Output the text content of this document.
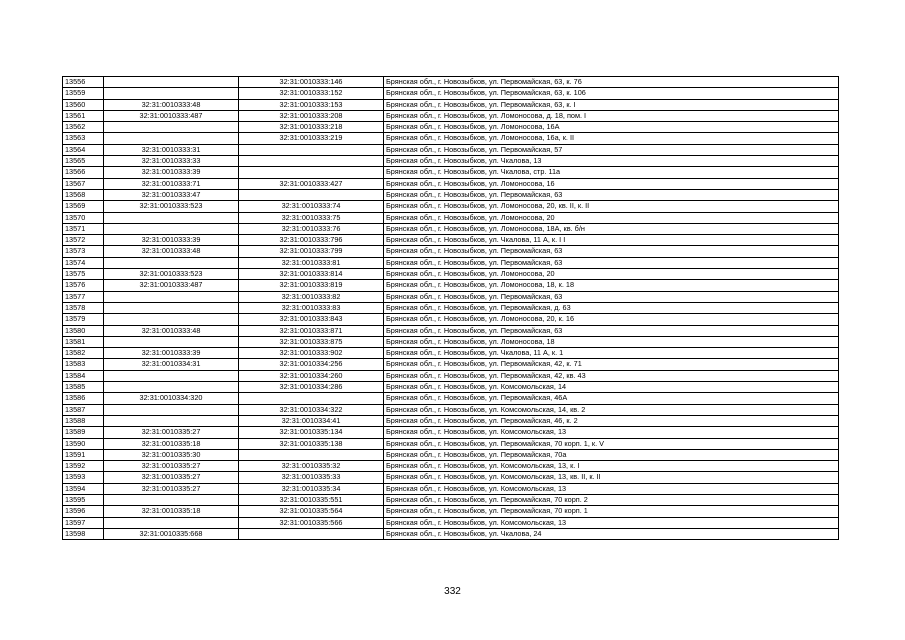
13556		32:31:0010333:146	Брянская обл., г. Новозыбков, ул. Первомайская, 63, к. 76
13559		32:31:0010333:152	Брянская обл., г. Новозыбков, ул. Первомайская, 63, к. 106
13560	32:31:0010333:48	32:31:0010333:153	Брянская обл., г. Новозыбков, ул. Первомайская, 63, к. I
13561	32:31:0010333:487	32:31:0010333:208	Брянская обл., г. Новозыбков, ул. Ломоносова, д. 18, пом. I
13562		32:31:0010333:218	Брянская обл., г. Новозыбков, ул. Ломоносова, 16А
13563		32:31:0010333:219	Брянская обл., г. Новозыбков, ул. Ломоносова, 16а, к. II
13564	32:31:0010333:31		Брянская обл., г. Новозыбков, ул. Первомайская, 57
13565	32:31:0010333:33		Брянская обл., г. Новозыбков, ул. Чкалова, 13
13566	32:31:0010333:39		Брянская обл., г. Новозыбков, ул. Чкалова, стр. 11а
13567	32:31:0010333:71	32:31:0010333:427	Брянская обл., г. Новозыбков, ул. Ломоносова, 16
13568	32:31:0010333:47		Брянская обл., г. Новозыбков, ул. Первомайская, 63
13569	32:31:0010333:523	32:31:0010333:74	Брянская обл., г. Новозыбков, ул. Ломоносова, 20, кв. II, к. II
13570		32:31:0010333:75	Брянская обл., г. Новозыбков, ул. Ломоносова, 20
13571		32:31:0010333:76	Брянская обл., г. Новозыбков, ул. Ломоносова, 18А, кв. б/н
13572	32:31:0010333:39	32:31:0010333:796	Брянская обл., г. Новозыбков, ул. Чкалова, 11 А, к. I I
13573	32:31:0010333:48	32:31:0010333:799	Брянская обл., г. Новозыбков, ул. Первомайская, 63
13574		32:31:0010333:81	Брянская обл., г. Новозыбков, ул. Первомайская, 63
13575	32:31:0010333:523	32:31:0010333:814	Брянская обл., г. Новозыбков, ул. Ломоносова, 20
13576	32:31:0010333:487	32:31:0010333:819	Брянская обл., г. Новозыбков, ул. Ломоносова, 18, к. 18
13577		32:31:0010333:82	Брянская обл., г. Новозыбков, ул. Первомайская, 63
13578		32:31:0010333:83	Брянская обл., г. Новозыбков, ул. Первомайская, д. 63
13579		32:31:0010333:843	Брянская обл., г. Новозыбков, ул. Ломоносова, 20, к. 16
13580	32:31:0010333:48	32:31:0010333:871	Брянская обл., г. Новозыбков, ул. Первомайская, 63
13581		32:31:0010333:875	Брянская обл., г. Новозыбков, ул. Ломоносова, 18
13582	32:31:0010333:39	32:31:0010333:902	Брянская обл., г. Новозыбков, ул. Чкалова, 11 А, к. 1
13583	32:31:0010334:31	32:31:0010334:256	Брянская обл., г. Новозыбков, ул. Первомайская, 42, к. 71
13584		32:31:0010334:260	Брянская обл., г. Новозыбков, ул. Первомайская, 42, кв. 43
13585		32:31:0010334:286	Брянская обл., г. Новозыбков, ул. Комсомольская, 14
13586	32:31:0010334:320		Брянская обл., г. Новозыбков, ул. Первомайская, 46А
13587		32:31:0010334:322	Брянская обл., г. Новозыбков, ул. Комсомольская, 14, кв. 2
13588		32:31:0010334:41	Брянская обл., г. Новозыбков, ул. Первомайская, 46, к. 2
13589	32:31:0010335:27	32:31:0010335:134	Брянская обл., г. Новозыбков, ул. Комсомольская, 13
13590	32:31:0010335:18	32:31:0010335:138	Брянская обл., г. Новозыбков, ул. Первомайская, 70 корп. 1, к. V
13591	32:31:0010335:30		Брянская обл., г. Новозыбков, ул. Первомайская, 70а
13592	32:31:0010335:27	32:31:0010335:32	Брянская обл., г. Новозыбков, ул. Комсомольская, 13, к. I
13593	32:31:0010335:27	32:31:0010335:33	Брянская обл., г. Новозыбков, ул. Комсомольская, 13, кв. II, к. II
13594	32:31:0010335:27	32:31:0010335:34	Брянская обл., г. Новозыбков, ул. Комсомольская, 13
13595		32:31:0010335:551	Брянская обл., г. Новозыбков, ул. Первомайская, 70 корп. 2
13596	32:31:0010335:18	32:31:0010335:564	Брянская обл., г. Новозыбков, ул. Первомайская, 70 корп. 1
13597		32:31:0010335:566	Брянская обл., г. Новозыбков, ул. Комсомольская, 13
13598	32:31:0010335:668		Брянская обл., г. Новозыбков, ул. Чкалова, 24
332
